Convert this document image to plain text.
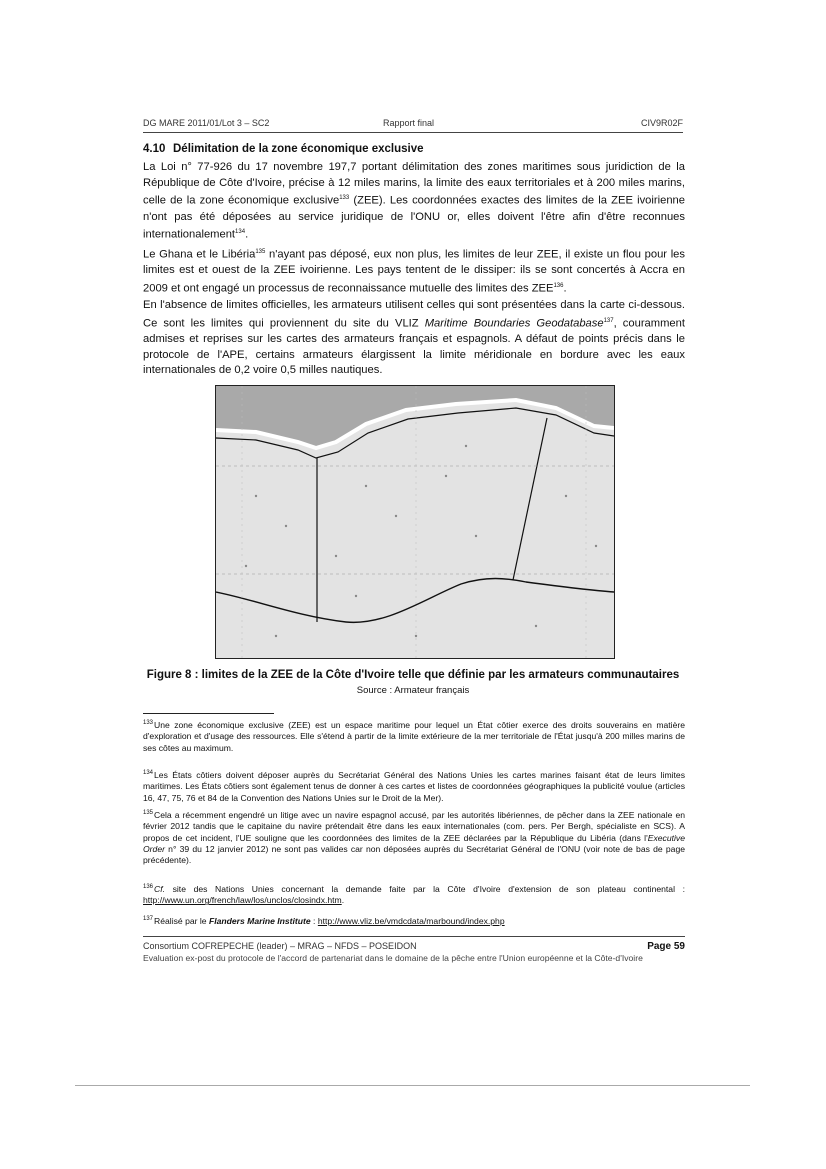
DG MARE 2011/01/Lot 3 – SC2	Rapport final	CIV9R02F
4.10 Délimitation de la zone économique exclusive
La Loi n° 77-926 du 17 novembre 197,7 portant délimitation des zones maritimes sous juridiction de la République de Côte d'Ivoire, précise à 12 miles marins, la limite des eaux territoriales et à 200 miles marins, celle de la zone économique exclusive$^{133}$ (ZEE). Les coordonnées exactes des limites de la ZEE ivoirienne n'ont pas été déposées au service juridique de l'ONU or, elles doivent l'être afin d'être reconnues internationalement$^{134}$.
Le Ghana et le Libéria$^{135}$ n'ayant pas déposé, eux non plus, les limites de leur ZEE, il existe un flou pour les limites est et ouest de la ZEE ivoirienne. Les pays tentent de le dissiper: ils se sont concertés à Accra en 2009 et ont engagé un processus de reconnaissance mutuelle des limites des ZEE$^{136}$.
En l'absence de limites officielles, les armateurs utilisent celles qui sont présentées dans la carte ci-dessous. Ce sont les limites qui proviennent du site du VLIZ Maritime Boundaries Geodatabase$^{137}$, couramment admises et reprises sur les cartes des armateurs français et espagnols. A défaut de points précis dans le protocole de l'APE, certains armateurs élargissent la limite méridionale en bordure avec les eaux internationales de 0,2 voire 0,5 milles nautiques.
Figure 8 : limites de la ZEE de la Côte d'Ivoire telle que définie par les armateurs communautaires
Source : Armateur français
$^{133}$Une zone économique exclusive (ZEE) est un espace maritime pour lequel un État côtier exerce des droits souverains en matière d'exploration et d'usage des ressources. Elle s'étend à partir de la limite extérieure de la mer territoriale de l'État jusqu'à 200 milles marins de ses côtes au maximum.
$^{134}$Les États côtiers doivent déposer auprès du Secrétariat Général des Nations Unies les cartes marines faisant état de leurs limites maritimes. Les États côtiers sont également tenus de donner à ces cartes et listes de coordonnées géographiques la publicité voulue (articles 16, 47, 75, 76 et 84 de la Convention des Nations Unies sur le Droit de la Mer).
$^{135}$Cela a récemment engendré un litige avec un navire espagnol accusé, par les autorités libériennes, de pêcher dans la ZEE nationale en février 2012 tandis que le capitaine du navire prétendait être dans les eaux internationales (com. pers. Per Bergh, spécialiste en SCS). A propos de cet incident, l'UE souligne que les coordonnées des limites de la ZEE déclarées par la République du Libéria (dans l'Executive Order n° 39 du 12 janvier 2012) ne sont pas valides car non déposées auprès du Secrétariat Général de l'ONU (voir note de bas de page précédente).
$^{136}$Cf. site des Nations Unies concernant la demande faite par la Côte d'Ivoire d'extension de son plateau continental : http://www.un.org/french/law/los/unclos/closindx.htm.
$^{137}$Réalisé par le Flanders Marine Institute : http://www.vliz.be/vmdcdata/marbound/index.php
Consortium COFREPECHE (leader) – MRAG – NFDS – POSEIDON	Page 59
Evaluation ex-post du protocole de l'accord de partenariat dans le domaine de la pêche entre l'Union européenne et la Côte-d'Ivoire
